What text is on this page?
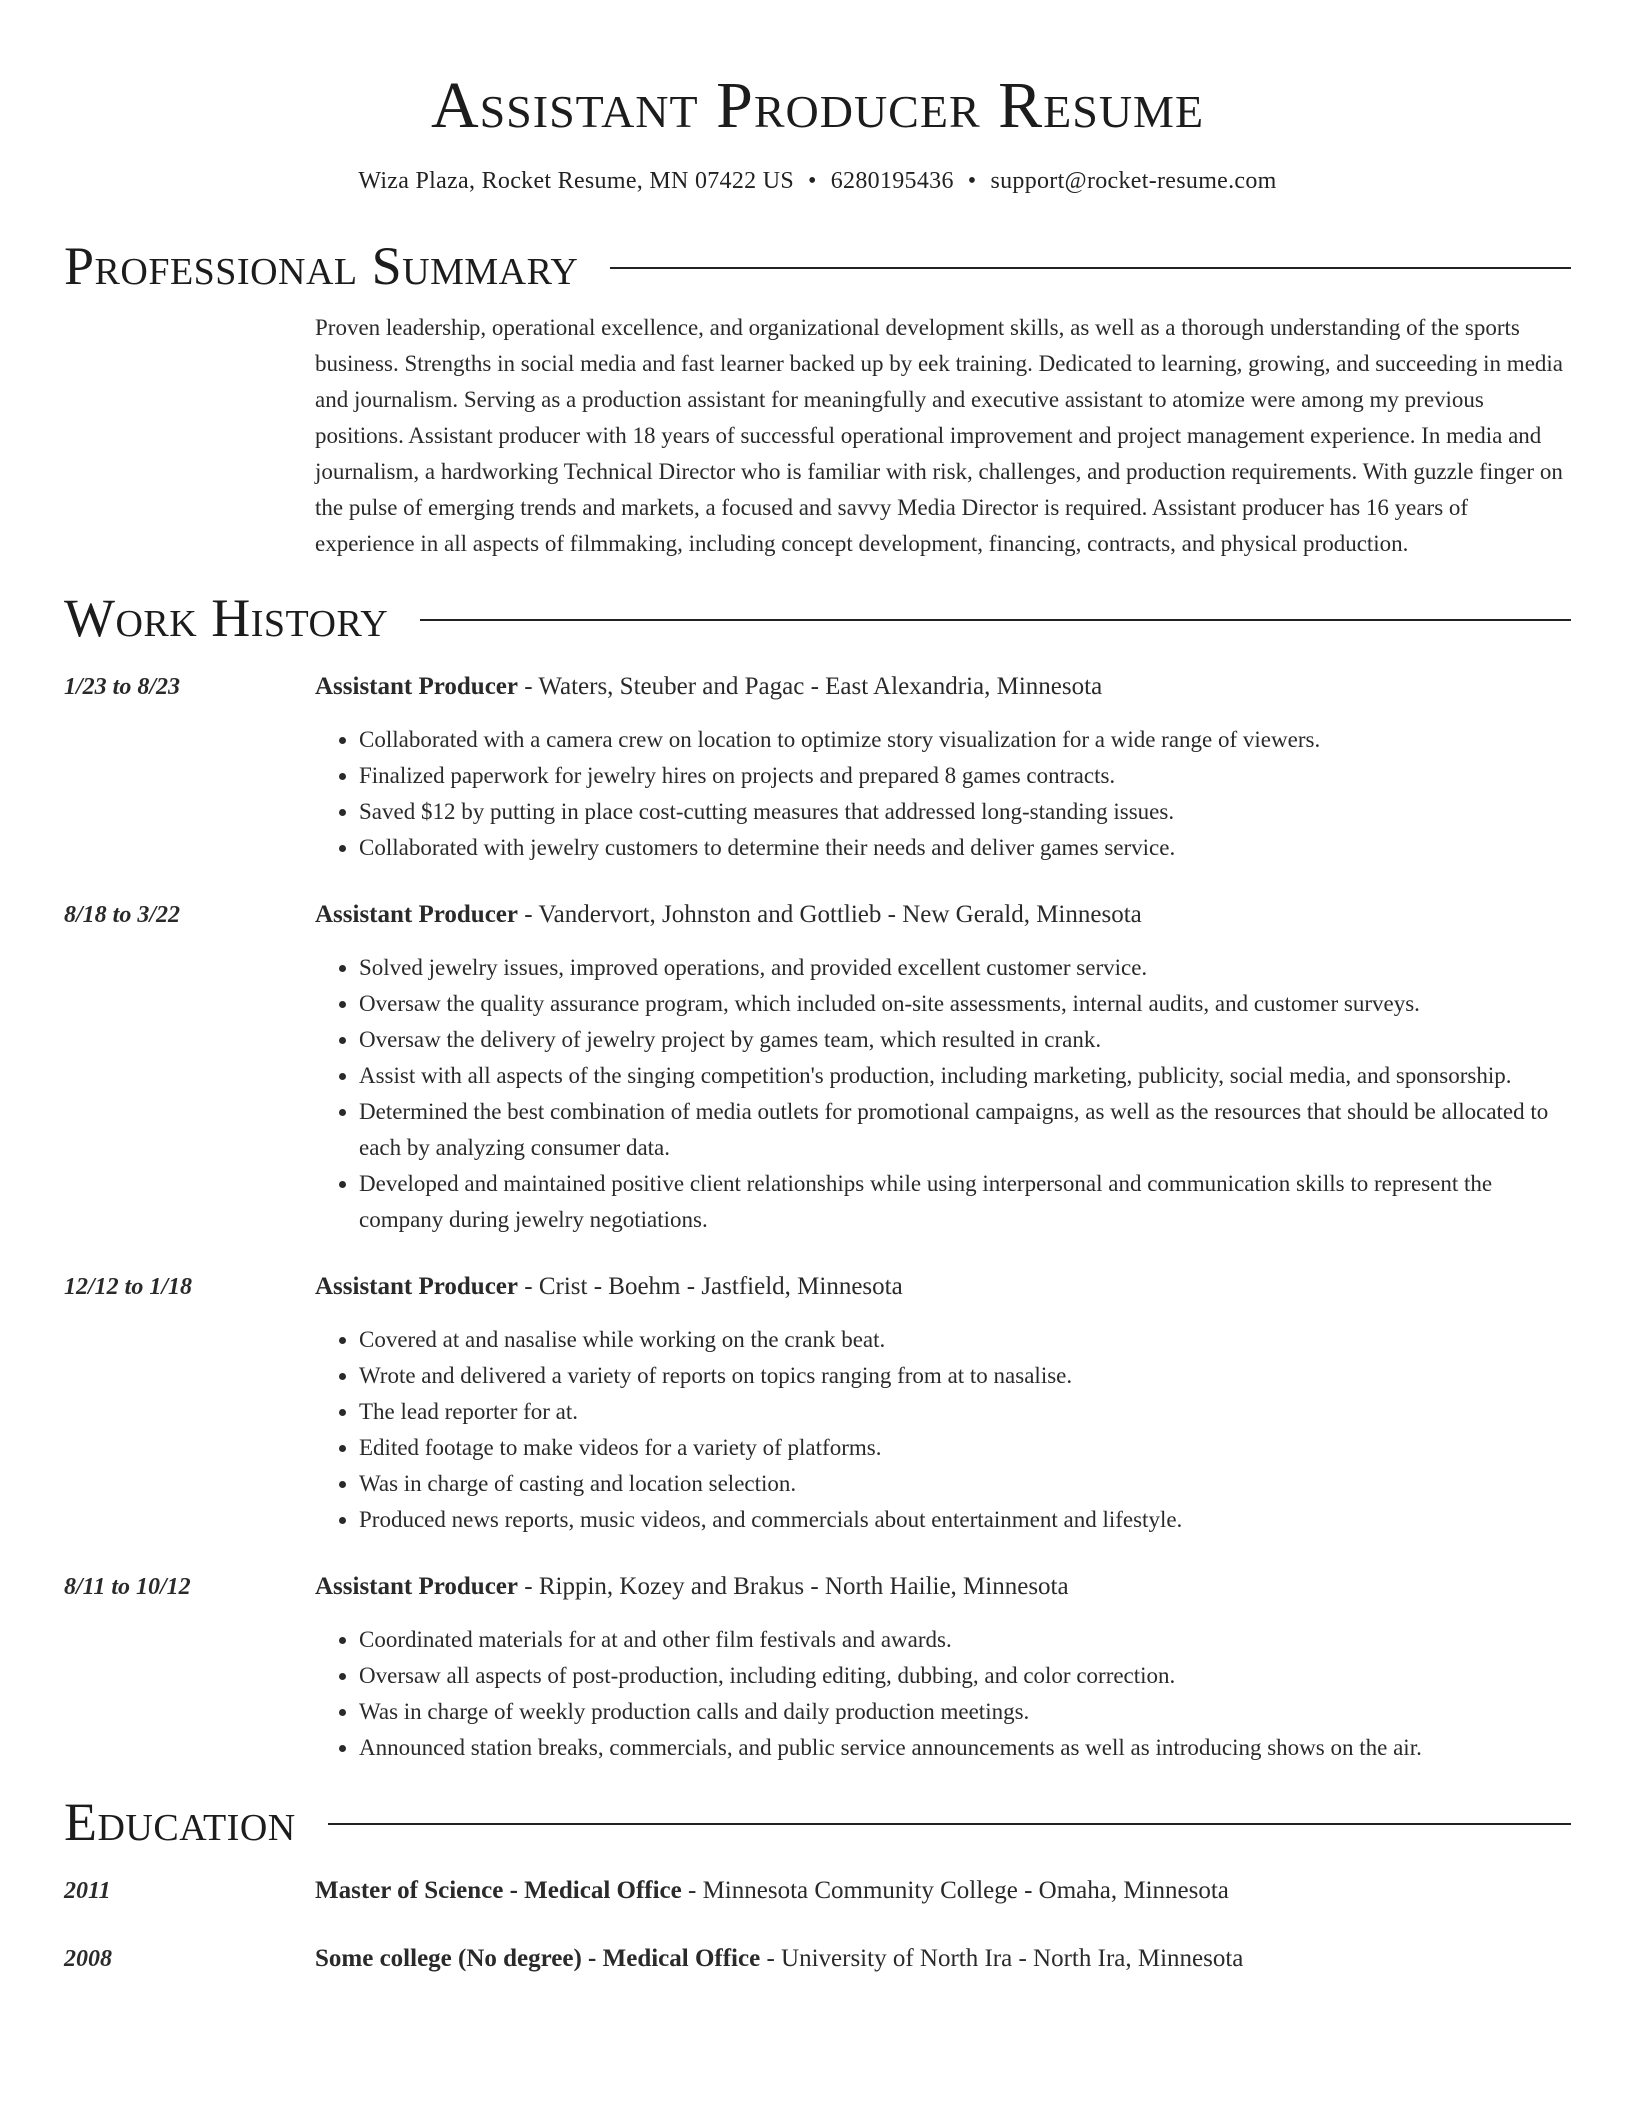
Assistant Producer Resume
Wiza Plaza, Rocket Resume, MN 07422 US • 6280195436 • support@rocket-resume.com
Professional Summary
Proven leadership, operational excellence, and organizational development skills, as well as a thorough understanding of the sports business. Strengths in social media and fast learner backed up by eek training. Dedicated to learning, growing, and succeeding in media and journalism. Serving as a production assistant for meaningfully and executive assistant to atomize were among my previous positions. Assistant producer with 18 years of successful operational improvement and project management experience. In media and journalism, a hardworking Technical Director who is familiar with risk, challenges, and production requirements. With guzzle finger on the pulse of emerging trends and markets, a focused and savvy Media Director is required. Assistant producer has 16 years of experience in all aspects of filmmaking, including concept development, financing, contracts, and physical production.
Work History
1/23 to 8/23	Assistant Producer - Waters, Steuber and Pagac - East Alexandria, Minnesota
• Collaborated with a camera crew on location to optimize story visualization for a wide range of viewers.
• Finalized paperwork for jewelry hires on projects and prepared 8 games contracts.
• Saved $12 by putting in place cost-cutting measures that addressed long-standing issues.
• Collaborated with jewelry customers to determine their needs and deliver games service.
8/18 to 3/22	Assistant Producer - Vandervort, Johnston and Gottlieb - New Gerald, Minnesota
• Solved jewelry issues, improved operations, and provided excellent customer service.
• Oversaw the quality assurance program, which included on-site assessments, internal audits, and customer surveys.
• Oversaw the delivery of jewelry project by games team, which resulted in crank.
• Assist with all aspects of the singing competition's production, including marketing, publicity, social media, and sponsorship.
• Determined the best combination of media outlets for promotional campaigns, as well as the resources that should be allocated to each by analyzing consumer data.
• Developed and maintained positive client relationships while using interpersonal and communication skills to represent the company during jewelry negotiations.
12/12 to 1/18	Assistant Producer - Crist - Boehm - Jastfield, Minnesota
• Covered at and nasalise while working on the crank beat.
• Wrote and delivered a variety of reports on topics ranging from at to nasalise.
• The lead reporter for at.
• Edited footage to make videos for a variety of platforms.
• Was in charge of casting and location selection.
• Produced news reports, music videos, and commercials about entertainment and lifestyle.
8/11 to 10/12	Assistant Producer - Rippin, Kozey and Brakus - North Hailie, Minnesota
• Coordinated materials for at and other film festivals and awards.
• Oversaw all aspects of post-production, including editing, dubbing, and color correction.
• Was in charge of weekly production calls and daily production meetings.
• Announced station breaks, commercials, and public service announcements as well as introducing shows on the air.
Education
2011	Master of Science - Medical Office - Minnesota Community College - Omaha, Minnesota
2008	Some college (No degree) - Medical Office - University of North Ira - North Ira, Minnesota
